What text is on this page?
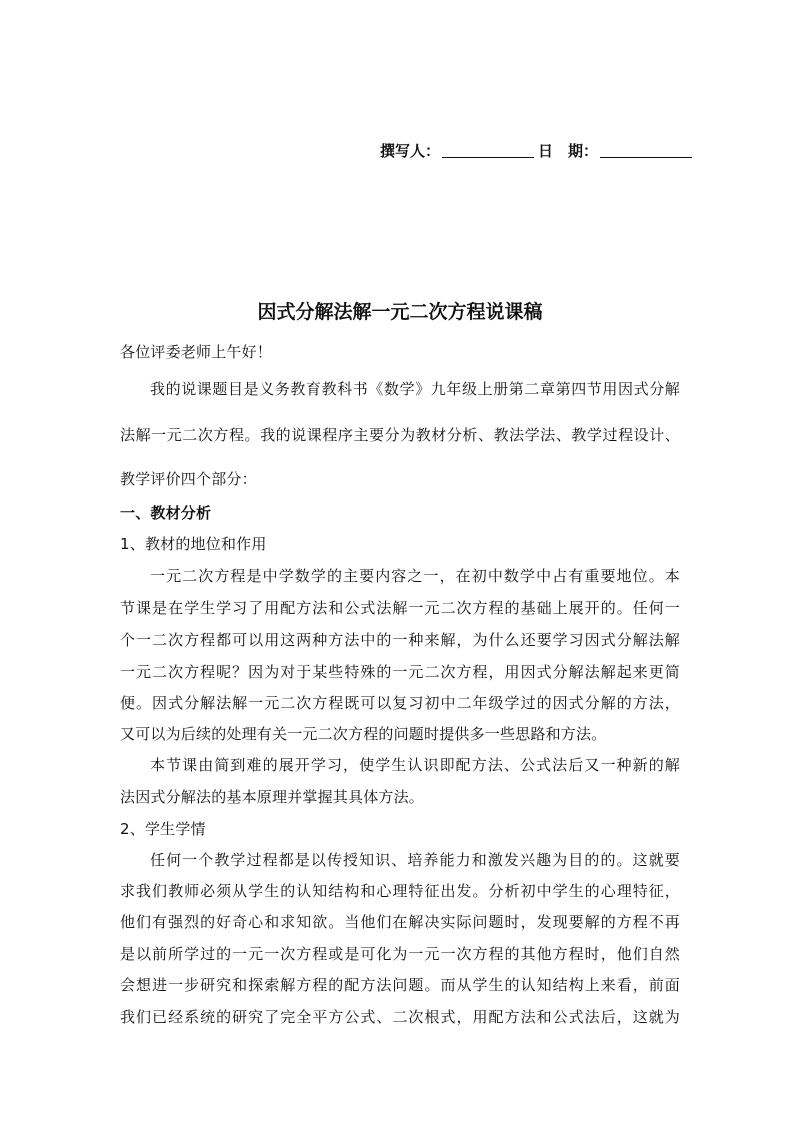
撰写人：	日　期：
因式分解法解一元二次方程说课稿
各位评委老师上午好！
我的说课题目是义务教育教科书《数学》九年级上册第二章第四节用因式分解
法解一元二次方程。我的说课程序主要分为教材分析、教法学法、教学过程设计、
教学评价四个部分：
一、教材分析
1、教材的地位和作用
一元二次方程是中学数学的主要内容之一，在初中数学中占有重要地位。本
节课是在学生学习了用配方法和公式法解一元二次方程的基础上展开的。任何一
个一二次方程都可以用这两种方法中的一种来解，为什么还要学习因式分解法解
一元二次方程呢？因为对于某些特殊的一元二次方程，用因式分解法解起来更简
便。因式分解法解一元二次方程既可以复习初中二年级学过的因式分解的方法，
又可以为后续的处理有关一元二次方程的问题时提供多一些思路和方法。
本节课由简到难的展开学习，使学生认识即配方法、公式法后又一种新的解
法因式分解法的基本原理并掌握其具体方法。
2、学生学情
任何一个教学过程都是以传授知识、培养能力和激发兴趣为目的的。这就要
求我们教师必须从学生的认知结构和心理特征出发。分析初中学生的心理特征，
他们有强烈的好奇心和求知欲。当他们在解决实际问题时，发现要解的方程不再
是以前所学过的一元一次方程或是可化为一元一次方程的其他方程时，他们自然
会想进一步研究和探索解方程的配方法问题。而从学生的认知结构上来看，前面
我们已经系统的研究了完全平方公式、二次根式，用配方法和公式法后，这就为
